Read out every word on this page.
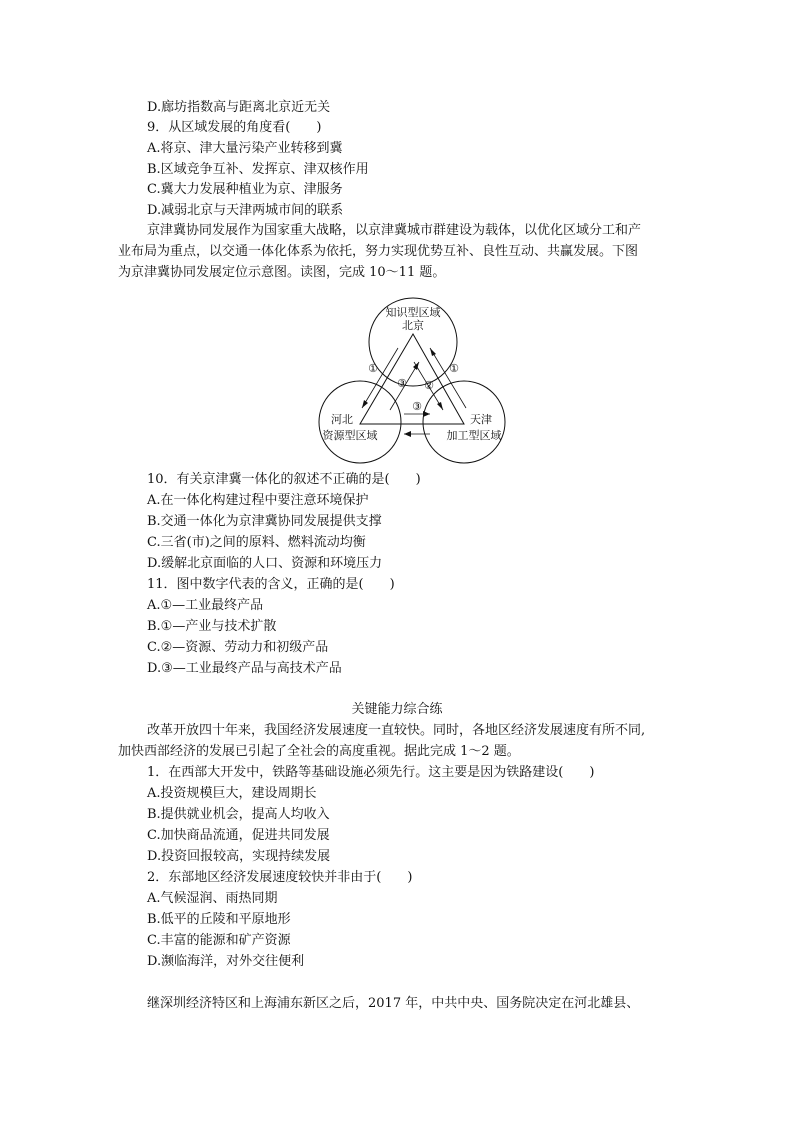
D.廊坊指数高与距离北京近无关
9．从区域发展的角度看(　　)
A.将京、津大量污染产业转移到冀
B.区域竞争互补、发挥京、津双核作用
C.冀大力发展种植业为京、津服务
D.减弱北京与天津两城市间的联系
京津冀协同发展作为国家重大战略，以京津冀城市群建设为载体，以优化区域分工和产
业布局为重点，以交通一体化体系为依托，努力实现优势互补、良性互动、共赢发展。下图
为京津冀协同发展定位示意图。读图，完成 10～11 题。
知识型区域
北京
河北
资源型区域
天津
加工型区域
①
③ ②
①
③
10．有关京津冀一体化的叙述不正确的是(　　)
A.在一体化构建过程中要注意环境保护
B.交通一体化为京津冀协同发展提供支撑
C.三省(市)之间的原料、燃料流动均衡
D.缓解北京面临的人口、资源和环境压力
11．图中数字代表的含义，正确的是(　　)
A.①—工业最终产品
B.①—产业与技术扩散
C.②—资源、劳动力和初级产品
D.③—工业最终产品与高技术产品
关键能力综合练
改革开放四十年来，我国经济发展速度一直较快。同时，各地区经济发展速度有所不同,
加快西部经济的发展已引起了全社会的高度重视。据此完成 1～2 题。
1．在西部大开发中，铁路等基础设施必须先行。这主要是因为铁路建设(　　)
A.投资规模巨大，建设周期长
B.提供就业机会，提高人均收入
C.加快商品流通，促进共同发展
D.投资回报较高，实现持续发展
2．东部地区经济发展速度较快并非由于(　　)
A.气候湿润、雨热同期
B.低平的丘陵和平原地形
C.丰富的能源和矿产资源
D.濒临海洋，对外交往便利
继深圳经济特区和上海浦东新区之后，2017 年，中共中央、国务院决定在河北雄县、
